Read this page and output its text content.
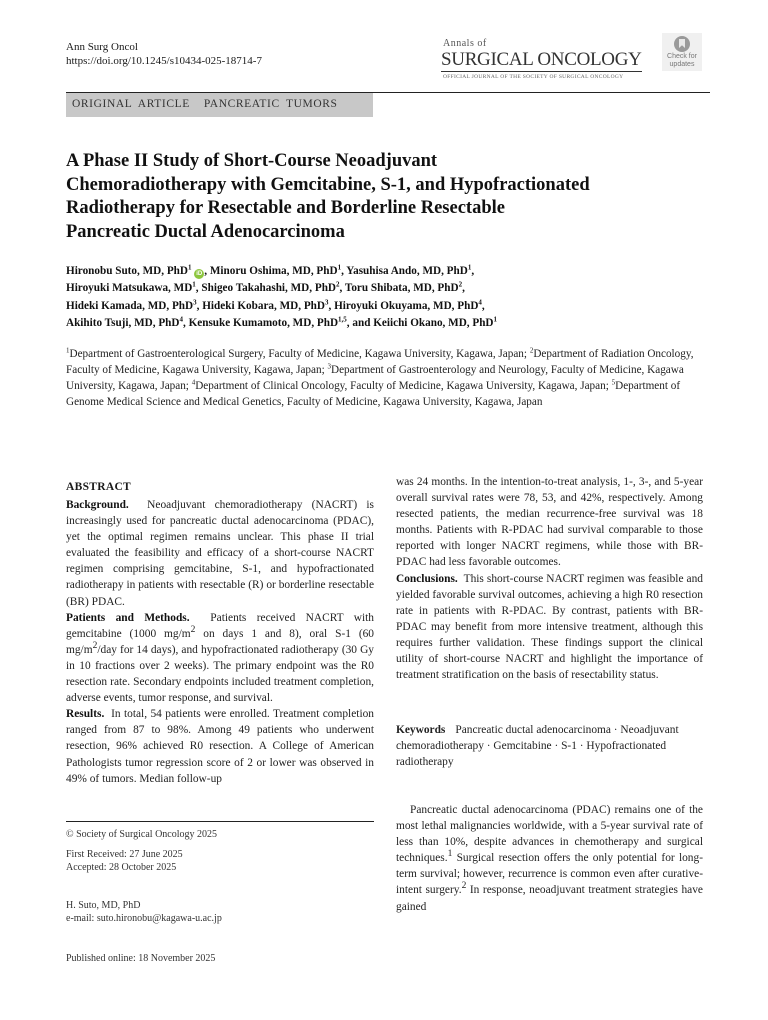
Ann Surg Oncol
https://doi.org/10.1245/s10434-025-18714-7
Annals of
SURGICAL ONCOLOGY
OFFICIAL JOURNAL OF THE SOCIETY OF SURGICAL ONCOLOGY
Check for
updates
ORIGINAL ARTICLE PANCREATIC TUMORS
A Phase II Study of Short-Course Neoadjuvant
Chemoradiotherapy with Gemcitabine, S-1, and Hypofractionated
Radiotherapy for Resectable and Borderline Resectable
Pancreatic Ductal Adenocarcinoma
Hironobu Suto, MD, PhD$^1$ iD , Minoru Oshima, MD, PhD$^1$, Yasuhisa Ando, MD, PhD$^1$,
Hiroyuki Matsukawa, $MD^1$, Shigeo Takahashi, MD, PhD$^2$, Toru Shibata, MD, PhD$^2$,
Hideki Kamada, MD, PhD$^3$, Hideki Kobara, MD, PhD$^3$, Hiroyuki Okuyama, MD, PhD$^4$,
Akihito Tsuji, MD, PhD$^4$, Kensuke Kumamoto, MD, PhD$^{1,5}$, and Keiichi Okano, MD, PhD$^1$
$^1$Department of Gastroenterological Surgery, Faculty of Medicine, Kagawa University, Kagawa, Japan; $^2$Department of Radiation Oncology, Faculty of Medicine, Kagawa University, Kagawa, Japan; $^3$Department of Gastroenterology and Neurology, Faculty of Medicine, Kagawa University, Kagawa, Japan; $^4$Department of Clinical Oncology, Faculty of Medicine, Kagawa University, Kagawa, Japan; $^5$Department of Genome Medical Science and Medical Genetics, Faculty of Medicine, Kagawa University, Kagawa, Japan
ABSTRACT
Background. Neoadjuvant chemoradiotherapy (NACRT) is increasingly used for pancreatic ductal adenocarcinoma (PDAC), yet the optimal regimen remains unclear. This phase II trial evaluated the feasibility and efficacy of a short-course NACRT regimen comprising gemcitabine, S-1, and hypofractionated radiotherapy in patients with resectable (R) or borderline resectable (BR) PDAC.
Patients and Methods. Patients received NACRT with gemcitabine (1000 $mg/m^2$ on days 1 and 8), oral S-1 (60 $mg/m^2$/day for 14 days), and hypofractionated radiotherapy (30 Gy in 10 fractions over 2 weeks). The primary endpoint was the R0 resection rate. Secondary endpoints included treatment completion, adverse events, tumor response, and survival.
Results. In total, 54 patients were enrolled. Treatment completion ranged from 87 to 98%. Among 49 patients who underwent resection, 96% achieved R0 resection. A College of American Pathologists tumor regression score of 2 or lower was observed in 49% of tumors. Median follow-up
was 24 months. In the intention-to-treat analysis, 1-, 3-, and 5-year overall survival rates were 78, 53, and 42%, respectively. Among resected patients, the median recurrence-free survival was 18 months. Patients with R-PDAC had survival comparable to those reported with longer NACRT regimens, while those with BR-PDAC had less favorable outcomes.
Conclusions. This short-course NACRT regimen was feasible and yielded favorable survival outcomes, achieving a high R0 resection rate in patients with R-PDAC. By contrast, patients with BR-PDAC may benefit from more intensive treatment, although this requires further validation. These findings support the clinical utility of short-course NACRT and highlight the importance of treatment stratification on the basis of resectability status.
Keywords Pancreatic ductal adenocarcinoma · Neoadjuvant chemoradiotherapy · Gemcitabine · S-1 · Hypofractionated radiotherapy

Pancreatic ductal adenocarcinoma (PDAC) remains one of the most lethal malignancies worldwide, with a 5-year survival rate of less than 10%, despite advances in chemotherapy and surgical techniques.$^1$ Surgical resection offers the only potential for long-term survival; however, recurrence is common even after curative-intent surgery.$^2$ In response, neoadjuvant treatment strategies have gained

© Society of Surgical Oncology 2025
First Received: 27 June 2025
Accepted: 28 October 2025
H. Suto, MD, PhD
e-mail: suto.hironobu@kagawa-u.ac.jp
Published online: 18 November 2025
